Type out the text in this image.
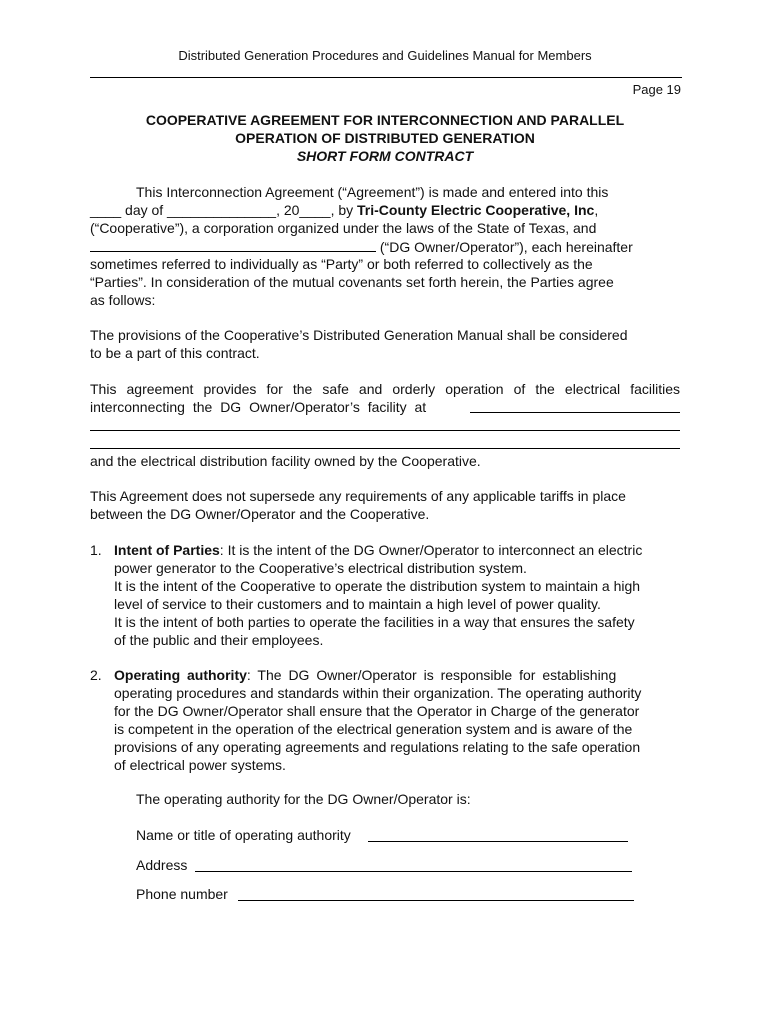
Distributed Generation Procedures and Guidelines Manual for Members
Page 19
COOPERATIVE AGREEMENT FOR INTERCONNECTION AND PARALLEL
OPERATION OF DISTRIBUTED GENERATION
SHORT FORM CONTRACT
This Interconnection Agreement (“Agreement”) is made and entered into this
____ day of ______________, 20____, by Tri-County Electric Cooperative, Inc,
(“Cooperative”), a corporation organized under the laws of the State of Texas, and
(“DG Owner/Operator”), each hereinafter
sometimes referred to individually as “Party” or both referred to collectively as the
“Parties”. In consideration of the mutual covenants set forth herein, the Parties agree
as follows:
The provisions of the Cooperative’s Distributed Generation Manual shall be considered
to be a part of this contract.
This agreement provides for the safe and orderly operation of the electrical facilities
interconnecting the DG Owner/Operator’s facility at
and the electrical distribution facility owned by the Cooperative.
This Agreement does not supersede any requirements of any applicable tariffs in place
between the DG Owner/Operator and the Cooperative.
1. Intent of Parties: It is the intent of the DG Owner/Operator to interconnect an electric
power generator to the Cooperative’s electrical distribution system.
It is the intent of the Cooperative to operate the distribution system to maintain a high
level of service to their customers and to maintain a high level of power quality.
It is the intent of both parties to operate the facilities in a way that ensures the safety
of the public and their employees.
2. Operating authority: The DG Owner/Operator is responsible for establishing
operating procedures and standards within their organization. The operating authority
for the DG Owner/Operator shall ensure that the Operator in Charge of the generator
is competent in the operation of the electrical generation system and is aware of the
provisions of any operating agreements and regulations relating to the safe operation
of electrical power systems.
The operating authority for the DG Owner/Operator is:
Name or title of operating authority
Address
Phone number
